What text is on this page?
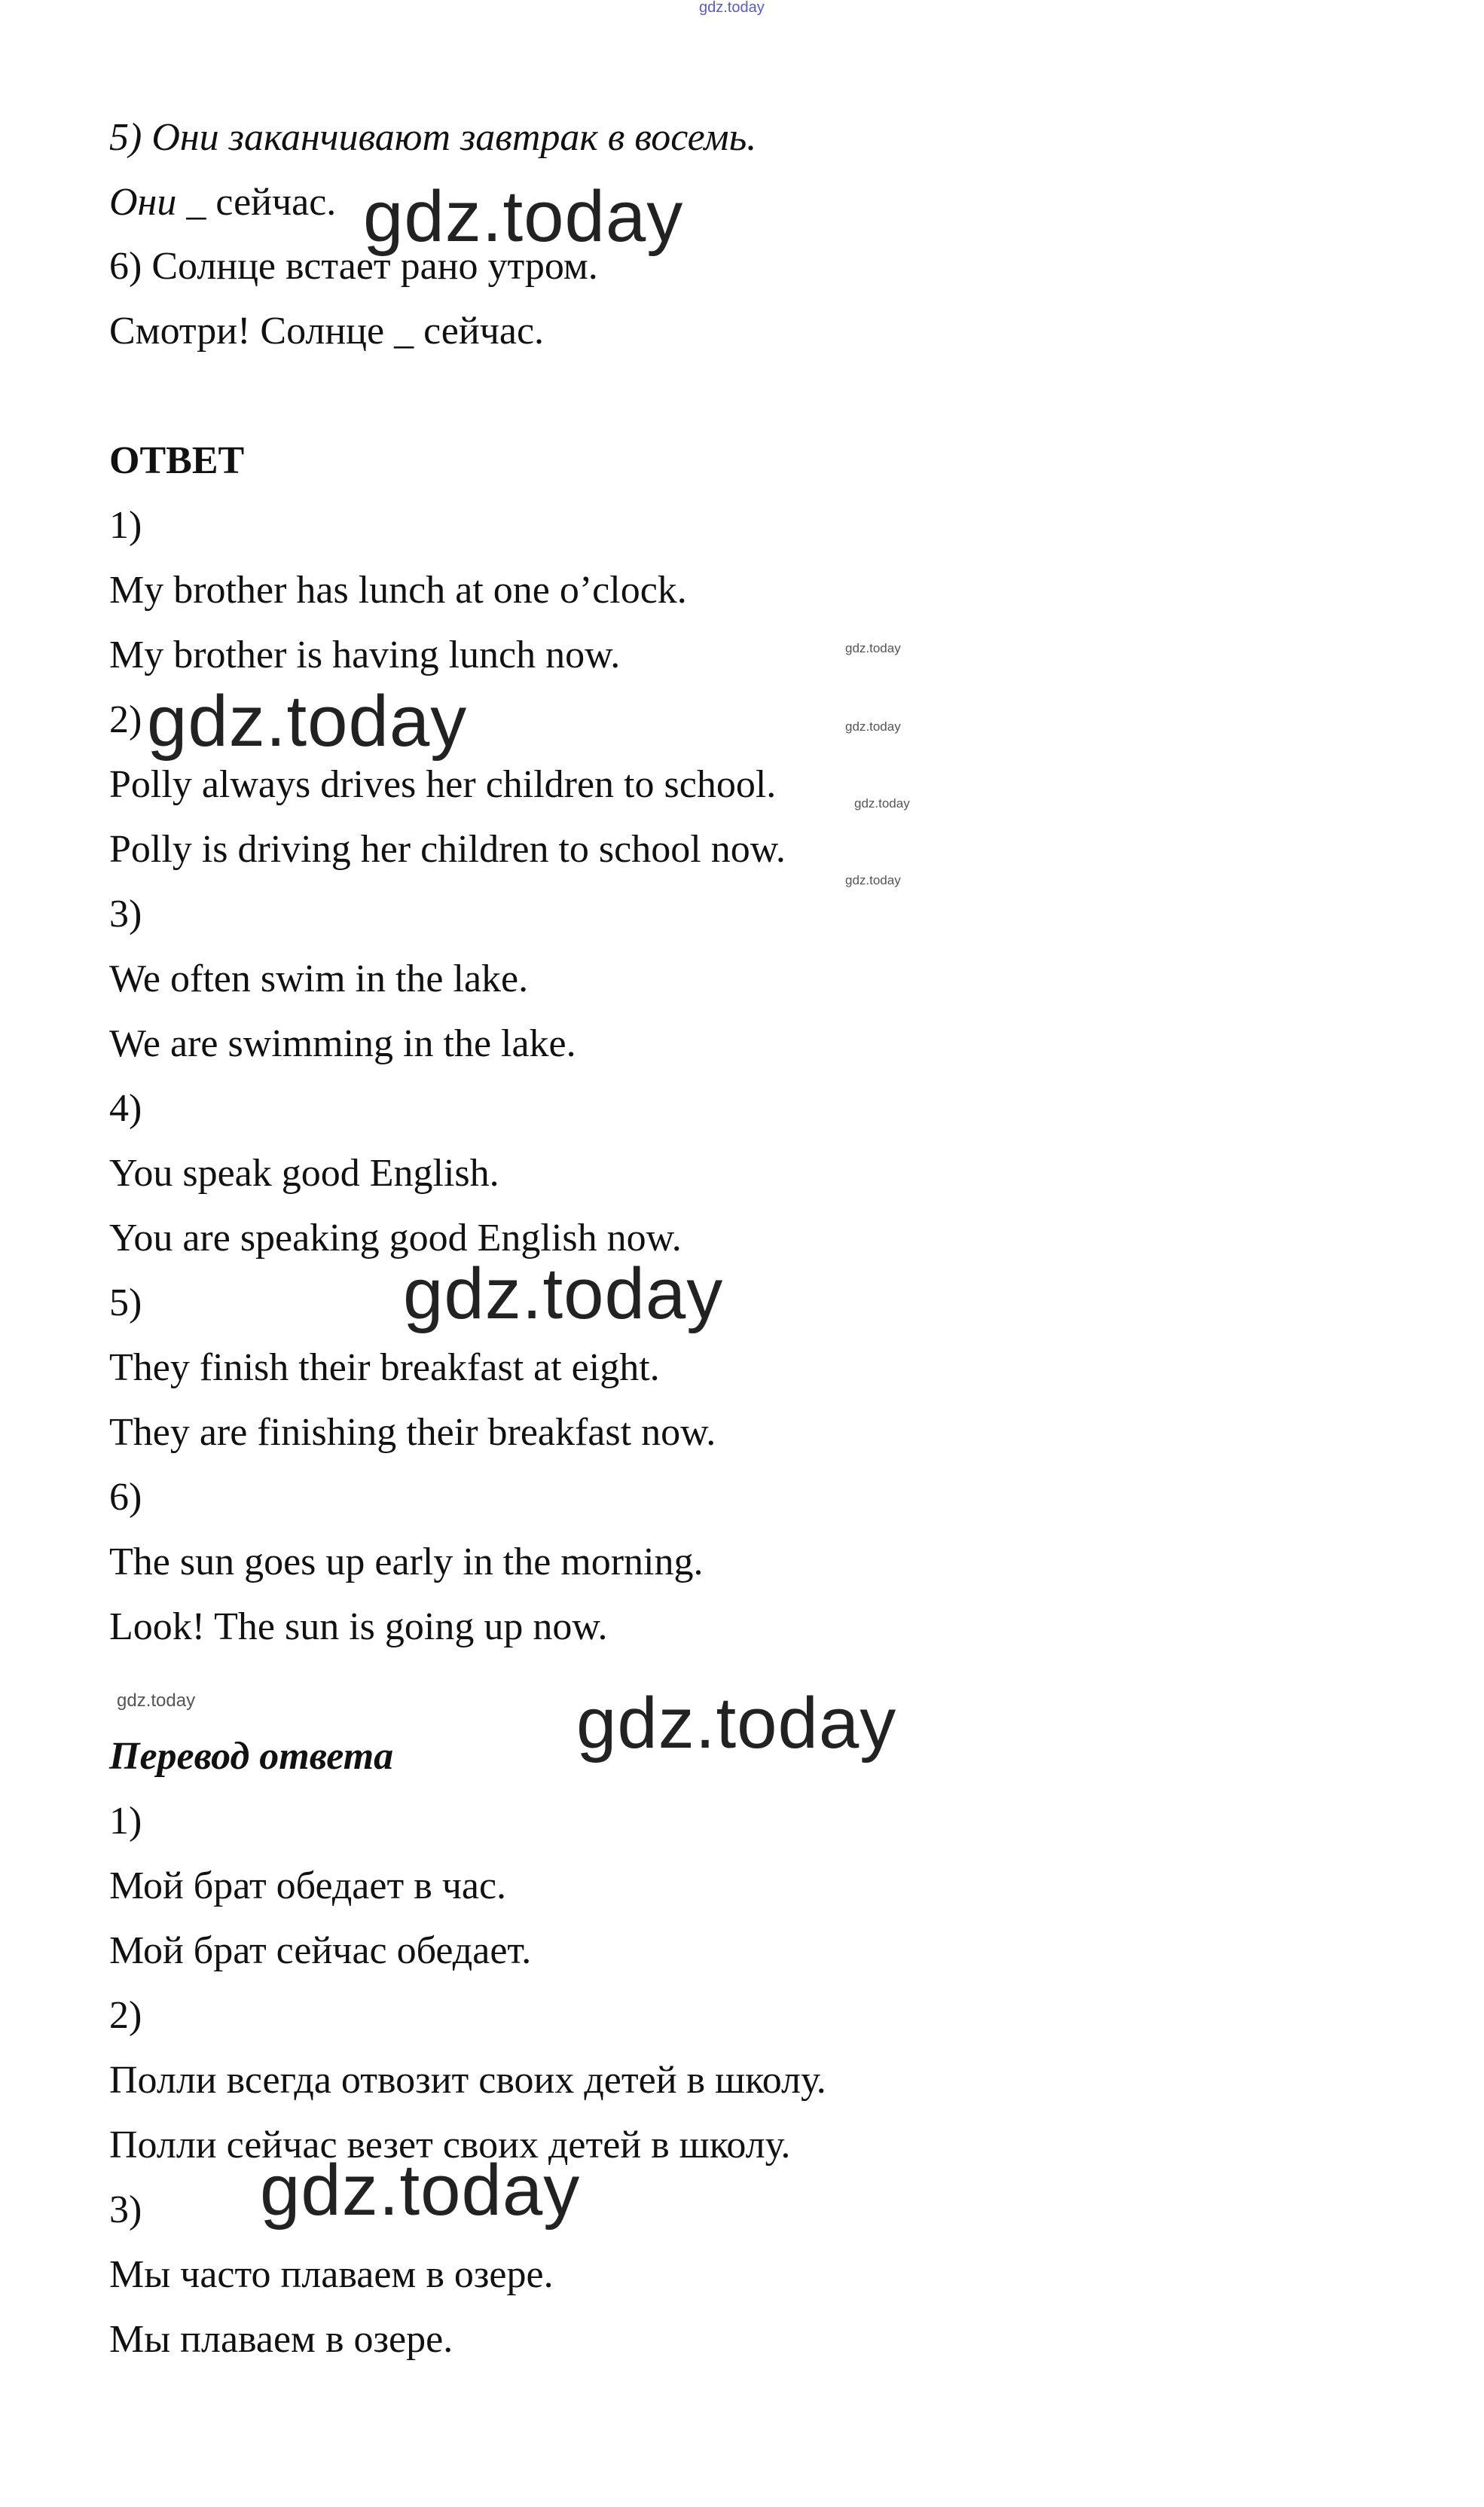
gdz.today
5) Они заканчивают завтрак в восемь.
Они _ сейчас.
6) Солнце встает рано утром.
Смотри! Солнце _ сейчас.
ОТВЕТ
1)
My brother has lunch at one o’clock.
My brother is having lunch now.
2)
Polly always drives her children to school.
Polly is driving her children to school now.
3)
We often swim in the lake.
We are swimming in the lake.
4)
You speak good English.
You are speaking good English now.
5)
They finish their breakfast at eight.
They are finishing their breakfast now.
6)
The sun goes up early in the morning.
Look! The sun is going up now.
Перевод ответа
1)
Мой брат обедает в час.
Мой брат сейчас обедает.
2)
Полли всегда отвозит своих детей в школу.
Полли сейчас везет своих детей в школу.
3)
Мы часто плаваем в озере.
Мы плаваем в озере.
gdz.today
gdz.today
gdz.today
gdz.today
gdz.today
gdz.today
gdz.today
gdz.today
gdz.today
gdz.today
